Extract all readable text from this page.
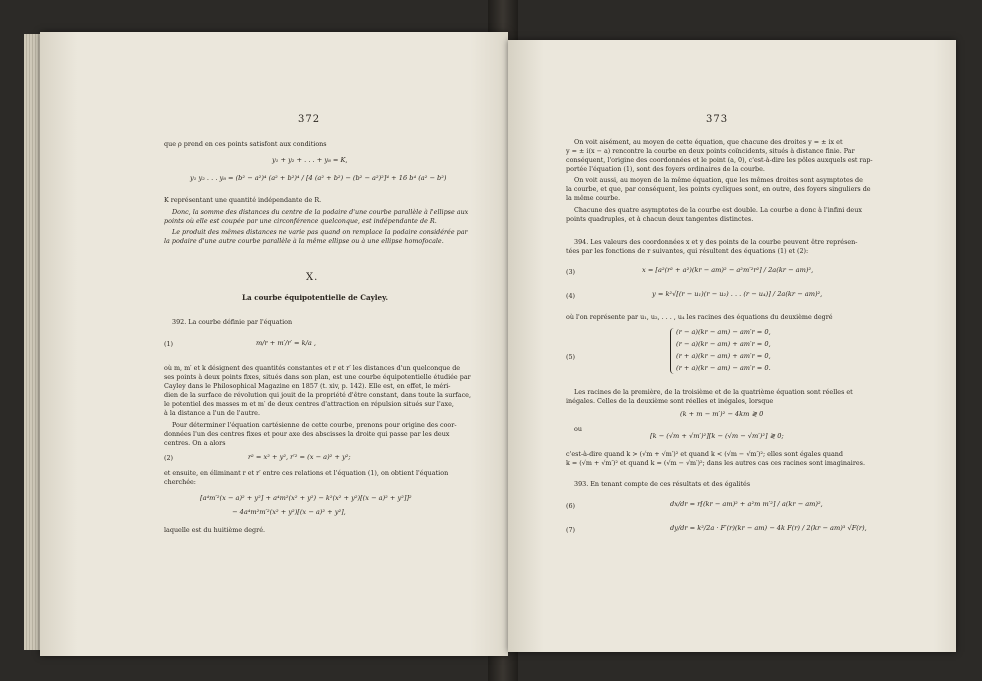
372
que ρ prend en ces points satisfont aux conditions
y₁ + y₂ + . . . + y₈ = K,
y₁ y₂ . . . y₈ = (b² − a²)⁴ (a² + b²)⁴ / [4 (a² + b²) − (b² − a²)²]⁴ + 16 b⁴ (a² − b²)
K représentant une quantité indépendante de R.
Donc, la somme des distances du centre de la podaire d'une courbe parallèle à l'ellipse aux
points où elle est coupée par une circonférence quelconque, est indépendante de R.
Le produit des mêmes distances ne varie pas quand on remplace la podaire considérée par
la podaire d'une autre courbe parallèle à la même ellipse ou à une ellipse homofocale.
X.
La courbe équipotentielle de Cayley.
392. La courbe définie par l'équation
(1)	m/r + m′/r′ = k/a ,
où m, m′ et k désignent des quantités constantes et r et r′ les distances d'un quelconque de
ses points à deux points fixes, situés dans son plan, est une courbe équipotentielle étudiée par
Cayley dans le Philosophical Magazine en 1857 (t. xiv, p. 142). Elle est, en effet, le méri-
dien de la surface de révolution qui jouit de la propriété d'être constant, dans toute la surface,
le potentiel des masses m et m′ de deux centres d'attraction en répulsion situés sur l'axe,
à la distance a l'un de l'autre.
Pour déterminer l'équation cartésienne de cette courbe, prenons pour origine des coor-
données l'un des centres fixes et pour axe des abscisses la droite qui passe par les deux
centres. On a alors
(2)	r² = x² + y², r′² = (x − a)² + y²;
et ensuite, en éliminant r et r′ entre ces relations et l'équation (1), on obtient l'équation
cherchée:
[a⁴m′²(x − a)² + y²] + a⁴m²(x² + y²) − k²(x² + y²)[(x − a)² + y²]]²
− 4a⁴m²m′²(x² + y²)[(x − a)² + y²],
laquelle est du huitième degré.
373
On voit aisément, au moyen de cette équation, que chacune des droites y = ± ix et
y = ± i(x − a) rencontre la courbe en deux points coïncidents, situés à distance finie. Par
conséquent, l'origine des coordonnées et le point (a, 0), c'est-à-dire les pôles auxquels est rap-
portée l'équation (1), sont des foyers ordinaires de la courbe.
On voit aussi, au moyen de la même équation, que les mêmes droites sont asymptotes de
la courbe, et que, par conséquent, les points cycliques sont, en outre, des foyers singuliers de
la même courbe.
Chacune des quatre asymptotes de la courbe est double. La courbe a donc à l'infini deux
points quadruples, et à chacun deux tangentes distinctes.
394. Les valeurs des coordonnées x et y des points de la courbe peuvent être représen-
tées par les fonctions de r suivantes, qui résultent des équations (1) et (2):
(3)	x = [a²(r² + a²)(kr − am)² − a²m′²r²] / 2a(kr − am)²,
(4)	y = k²√[(r − u₁)(r − u₂) . . . (r − u₄)] / 2a(kr − am)²,
où l'on représente par u₁, u₂, . . . , u₄ les racines des équations du deuxième degré
(5)
(r − a)(kr − am) − am′r = 0,
(r − a)(kr − am) + am′r = 0,
(r + a)(kr − am) + am′r = 0,
(r + a)(kr − am) − am′r = 0.
Les racines de la première, de la troisième et de la quatrième équation sont réelles et
inégales. Celles de la deuxième sont réelles et inégales, lorsque
(k + m − m′)² − 4km ≷ 0
ou
[k − (√m + √m′)²][k − (√m − √m′)²] ≷ 0;
c'est-à-dire quand k > (√m + √m′)² et quand k < (√m − √m′)²; elles sont égales quand
k = (√m + √m′)² et quand k = (√m − √m′)²; dans les autres cas ces racines sont imaginaires.
393. En tenant compte de ces résultats et des égalités
(6)	dx/dr = r[(kr − am)² + a²m m′²] / a(kr − am)²,
(7)	dy/dr = k²/2a · F′(r)(kr − am) − 4k F(r) / 2(kr − am)³ √F(r),
